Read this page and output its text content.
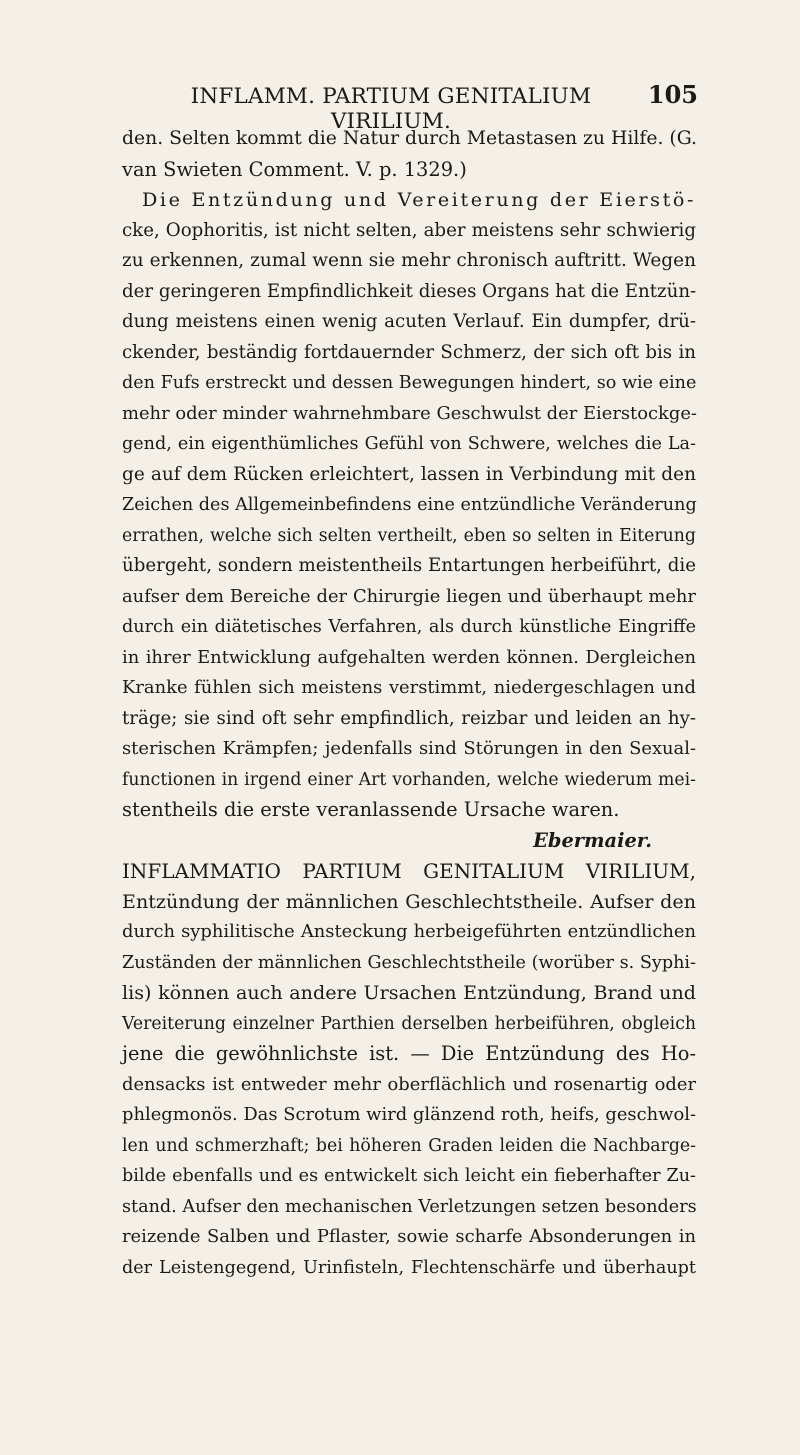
INFLAMM. PARTIUM GENITALIUM VIRILIUM.
105
den. Selten kommt die Natur durch Metastasen zu Hilfe. (G.
van Swieten Comment. V. p. 1329.)
Die Entzündung und Vereiterung der Eierstö-
cke, Oophoritis, ist nicht selten, aber meistens sehr schwierig
zu erkennen, zumal wenn sie mehr chronisch auftritt. Wegen
der geringeren Empfindlichkeit dieses Organs hat die Entzün-
dung meistens einen wenig acuten Verlauf. Ein dumpfer, drü-
ckender, beständig fortdauernder Schmerz, der sich oft bis in
den Fufs erstreckt und dessen Bewegungen hindert, so wie eine
mehr oder minder wahrnehmbare Geschwulst der Eierstockge-
gend, ein eigenthümliches Gefühl von Schwere, welches die La-
ge auf dem Rücken erleichtert, lassen in Verbindung mit den
Zeichen des Allgemeinbefindens eine entzündliche Veränderung
errathen, welche sich selten vertheilt, eben so selten in Eiterung
übergeht, sondern meistentheils Entartungen herbeiführt, die
aufser dem Bereiche der Chirurgie liegen und überhaupt mehr
durch ein diätetisches Verfahren, als durch künstliche Eingriffe
in ihrer Entwicklung aufgehalten werden können. Dergleichen
Kranke fühlen sich meistens verstimmt, niedergeschlagen und
träge; sie sind oft sehr empfindlich, reizbar und leiden an hy-
sterischen Krämpfen; jedenfalls sind Störungen in den Sexual-
functionen in irgend einer Art vorhanden, welche wiederum mei-
stentheils die erste veranlassende Ursache waren.
Ebermaier.
INFLAMMATIO PARTIUM GENITALIUM VIRILIUM,
Entzündung der männlichen Geschlechtstheile. Aufser den
durch syphilitische Ansteckung herbeigeführten entzündlichen
Zuständen der männlichen Geschlechtstheile (worüber s. Syphi-
lis) können auch andere Ursachen Entzündung, Brand und
Vereiterung einzelner Parthien derselben herbeiführen, obgleich
jene die gewöhnlichste ist. — Die Entzündung des Ho-
densacks ist entweder mehr oberflächlich und rosenartig oder
phlegmonös. Das Scrotum wird glänzend roth, heifs, geschwol-
len und schmerzhaft; bei höheren Graden leiden die Nachbarge-
bilde ebenfalls und es entwickelt sich leicht ein fieberhafter Zu-
stand. Aufser den mechanischen Verletzungen setzen besonders
reizende Salben und Pflaster, sowie scharfe Absonderungen in
der Leistengegend, Urinfisteln, Flechtenschärfe und überhaupt
